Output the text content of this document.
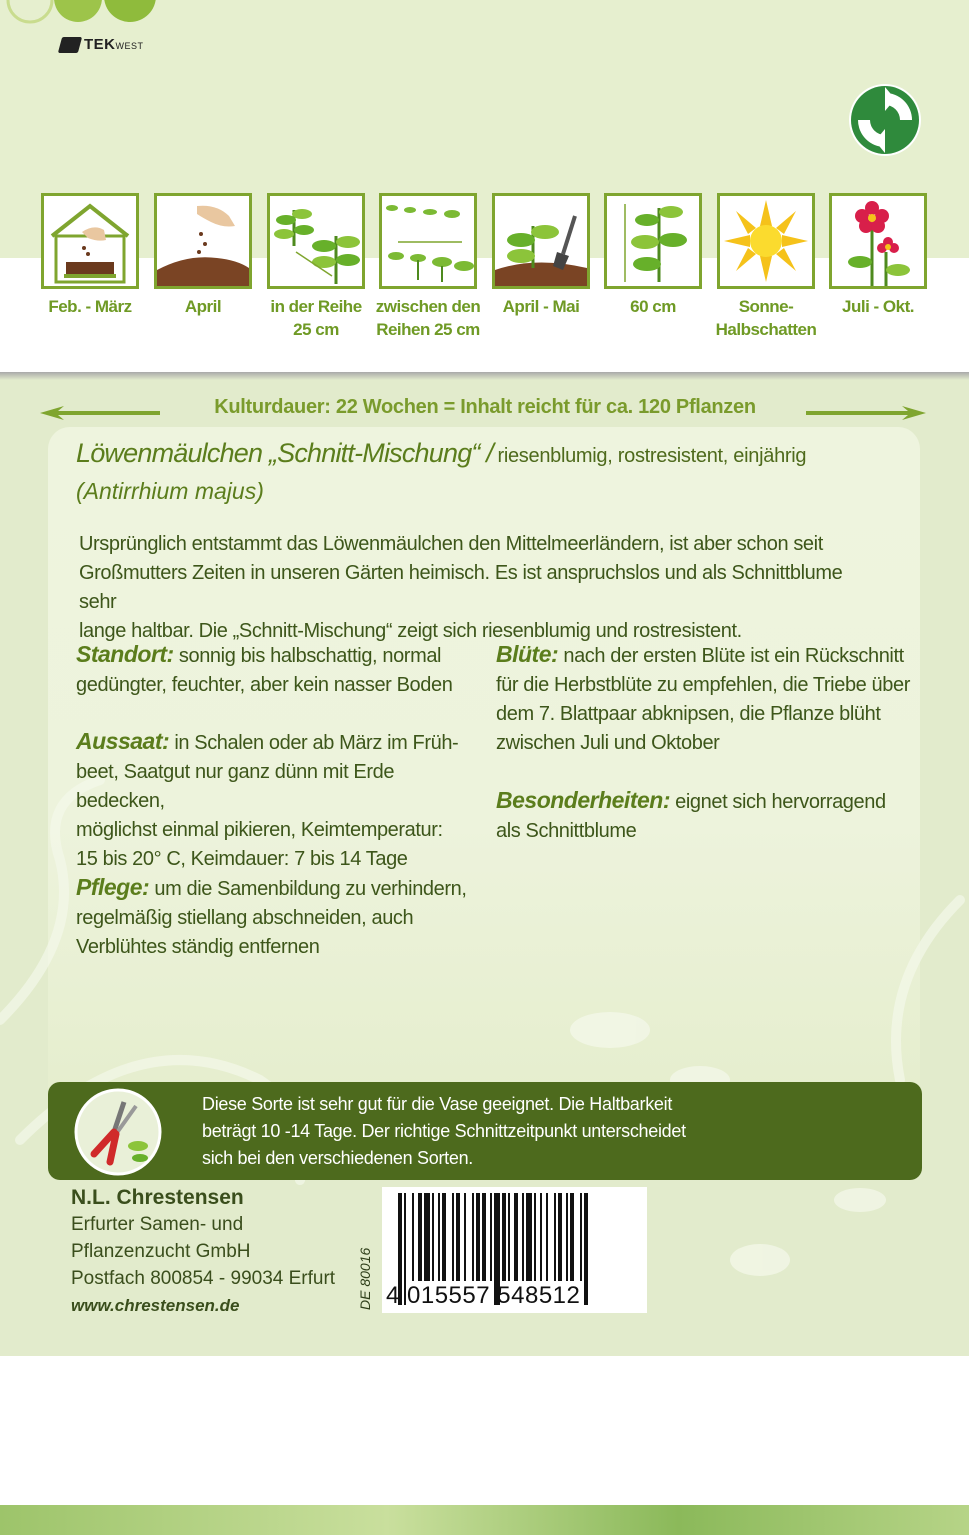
TEKWEST
Feb. - März	April	in der Reihe
25 cm
zwischen den
Reihen 25 cm
April - Mai	60 cm	Sonne-
Halbschatten
Juli - Okt.
Kulturdauer: 22 Wochen = Inhalt reicht für ca. 120 Pflanzen
Löwenmäulchen „Schnitt-Mischung“ / riesenblumig, rostresistent, einjährig
(Antirrhium majus)
Ursprünglich entstammt das Löwenmäulchen den Mittelmeerländern, ist aber schon seit
Großmutters Zeiten in unseren Gärten heimisch. Es ist anspruchslos und als Schnittblume sehr
lange haltbar. Die „Schnitt-Mischung“ zeigt sich riesenblumig und rostresistent.
Standort: sonnig bis halbschattig, normal
gedüngter, feuchter, aber kein nasser Boden
Aussaat: in Schalen oder ab März im Früh-
beet, Saatgut nur ganz dünn mit Erde bedecken,
möglichst einmal pikieren, Keimtemperatur:
15 bis 20° C, Keimdauer: 7 bis 14 Tage
Pflege: um die Samenbildung zu verhindern,
regelmäßig stiellang abschneiden, auch
Verblühtes ständig entfernen
Blüte: nach der ersten Blüte ist ein Rückschnitt
für die Herbstblüte zu empfehlen, die Triebe über
dem 7. Blattpaar abknipsen, die Pflanze blüht
zwischen Juli und Oktober
Besonderheiten: eignet sich hervorragend
als Schnittblume
Diese Sorte ist sehr gut für die Vase geeignet. Die Haltbarkeit
beträgt 10 -14 Tage. Der richtige Schnittzeitpunkt unterscheidet
sich bei den verschiedenen Sorten.
N.L. Chrestensen
Erfurter Samen- und
Pflanzenzucht GmbH
Postfach 800854 - 99034 Erfurt
www.chrestensen.de	DE 80016 4 015557 548512
